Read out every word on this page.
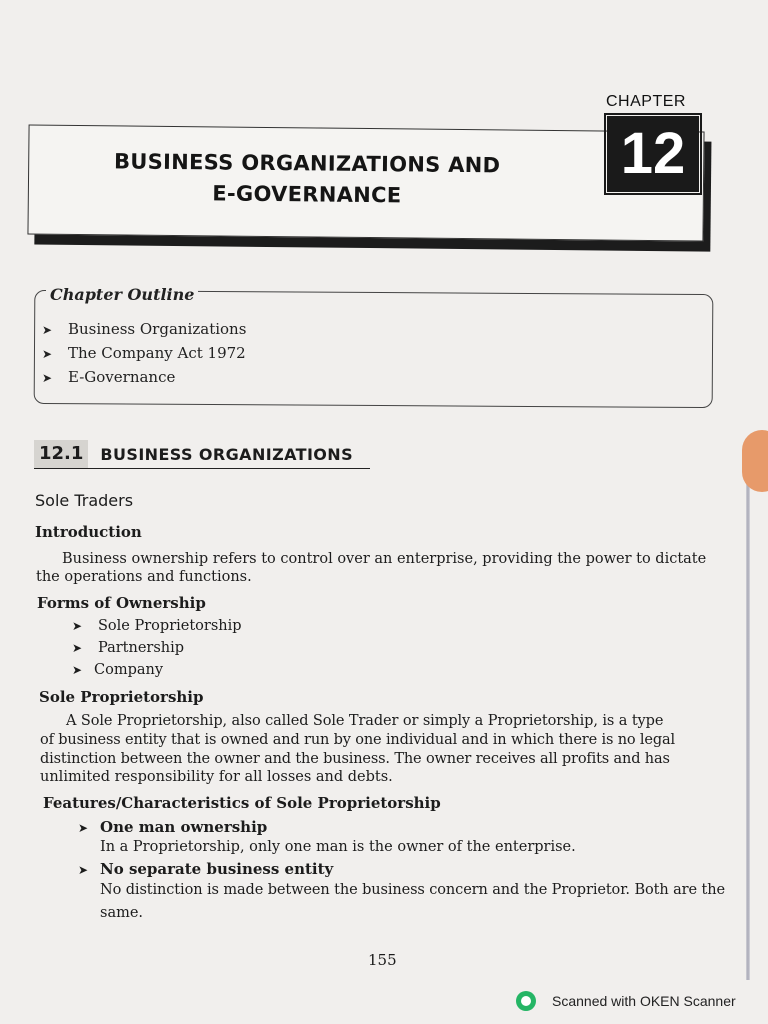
CHAPTER
BUSINESS ORGANIZATIONS AND
E-GOVERNANCE
12
Chapter Outline
➤ Business Organizations
➤ The Company Act 1972
➤ E-Governance
12.1	BUSINESS ORGANIZATIONS
Sole Traders
Introduction
Business ownership refers to control over an enterprise, providing the power to dictate
the operations and functions.
Forms of Ownership
➤ Sole Proprietorship
➤ Partnership
➤ Company
Sole Proprietorship
A Sole Proprietorship, also called Sole Trader or simply a Proprietorship, is a type
of business entity that is owned and run by one individual and in which there is no legal
distinction between the owner and the business. The owner receives all profits and has
unlimited responsibility for all losses and debts.
Features/Characteristics of Sole Proprietorship
➤ One man ownership
In a Proprietorship, only one man is the owner of the enterprise.
➤ No separate business entity
No distinction is made between the business concern and the Proprietor. Both are the
same.
155
Scanned with OKEN Scanner
